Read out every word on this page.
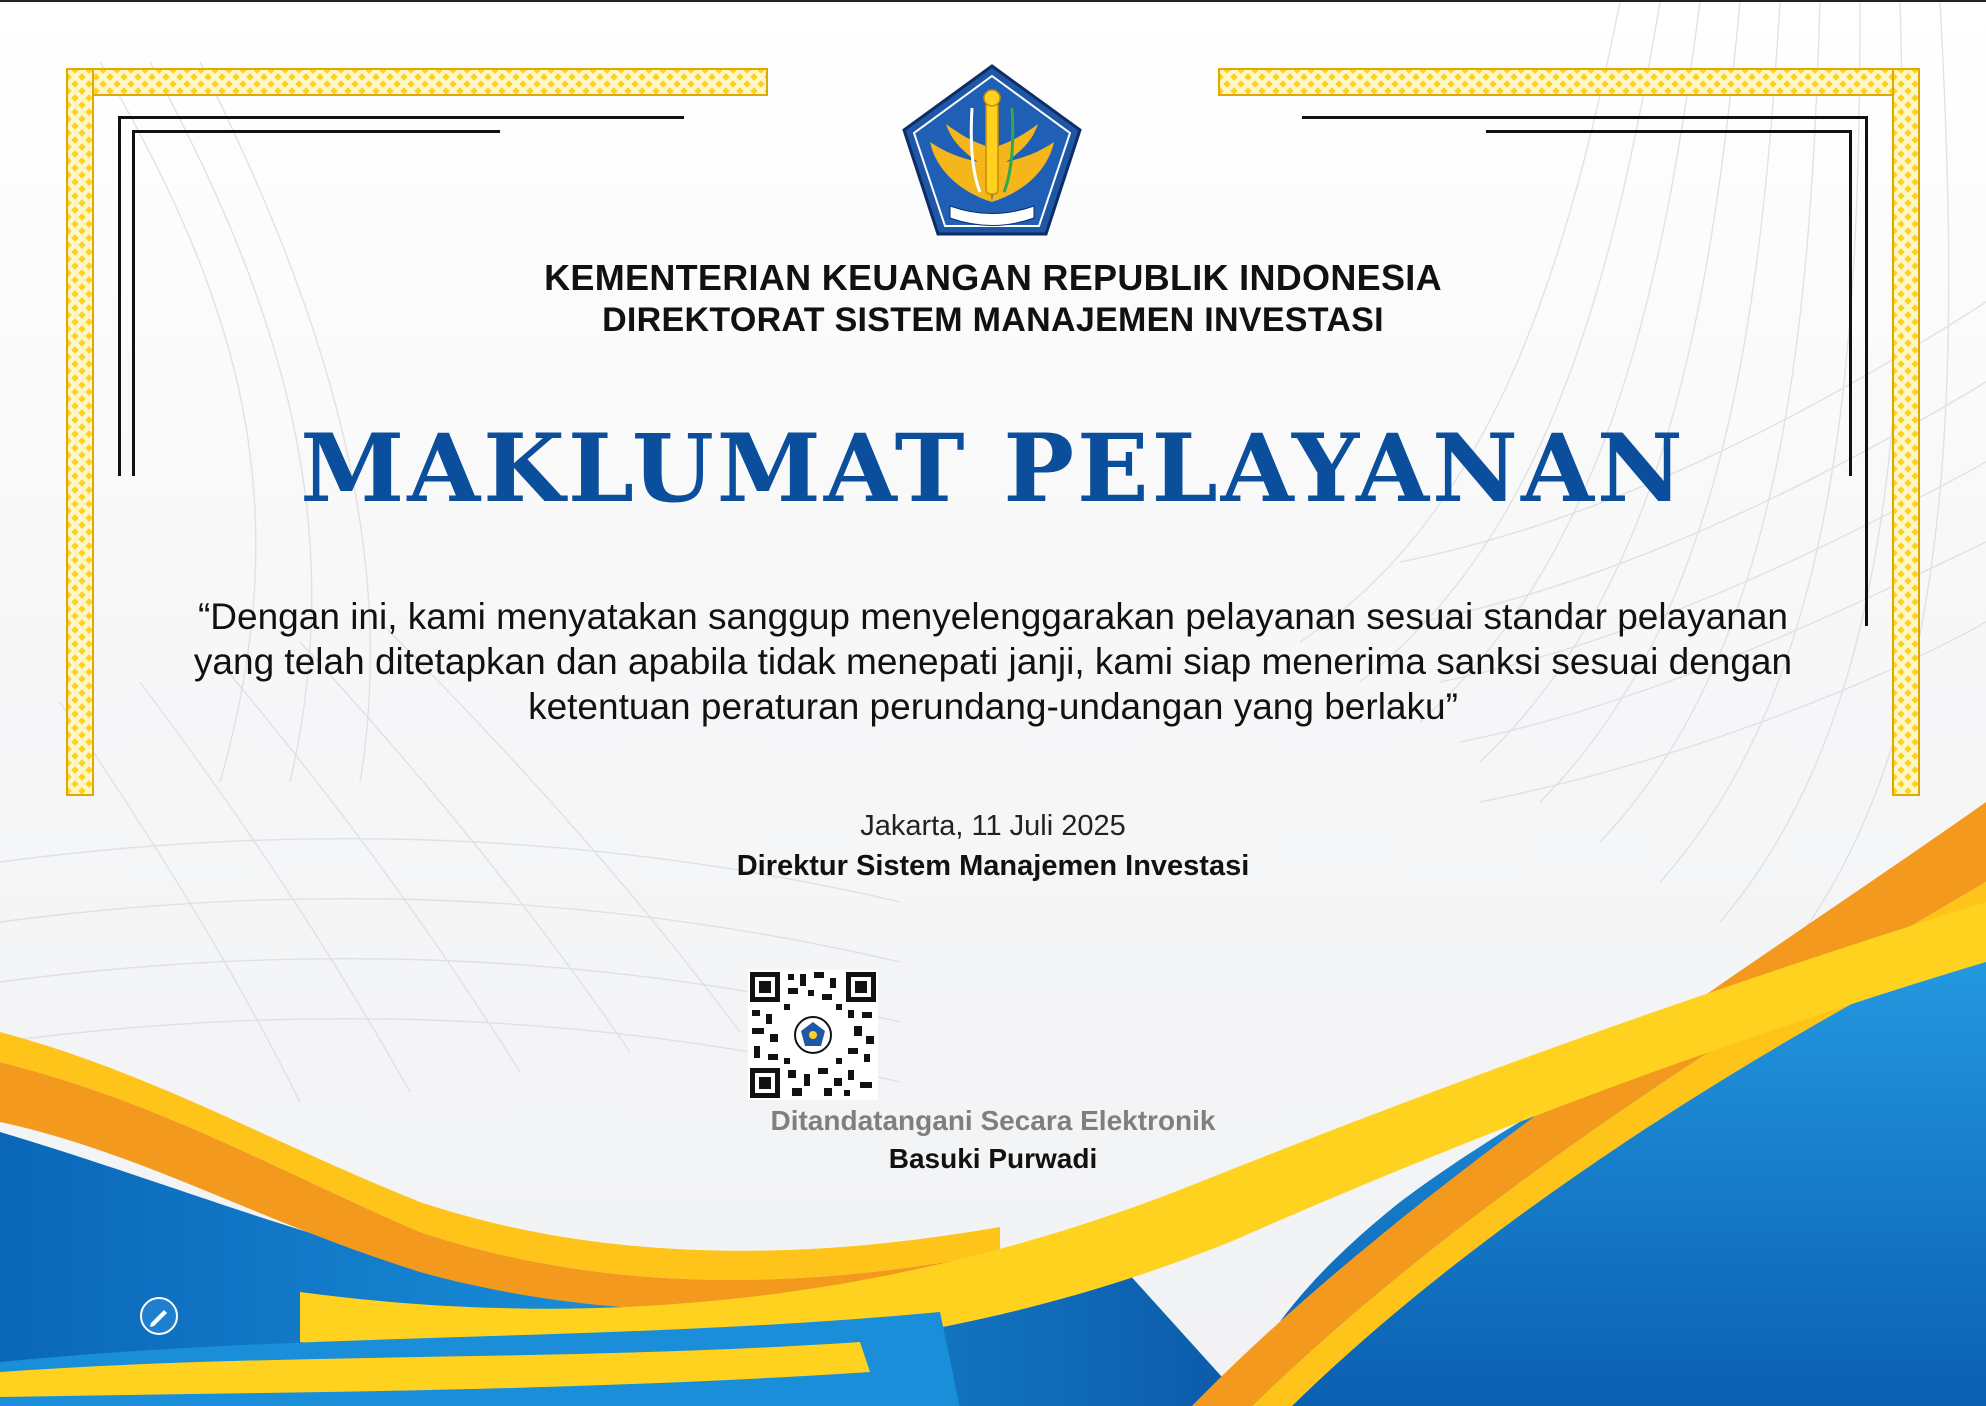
KEMENTERIAN KEUANGAN REPUBLIK INDONESIA
DIREKTORAT SISTEM MANAJEMEN INVESTASI
MAKLUMAT PELAYANAN
“Dengan ini, kami menyatakan sanggup menyelenggarakan pelayanan sesuai standar pelayanan yang telah ditetapkan dan apabila tidak menepati janji, kami siap menerima sanksi sesuai dengan ketentuan peraturan perundang-undangan yang berlaku”
Jakarta, 11 Juli 2025
Direktur Sistem Manajemen Investasi
Ditandatangani Secara Elektronik
Basuki Purwadi
